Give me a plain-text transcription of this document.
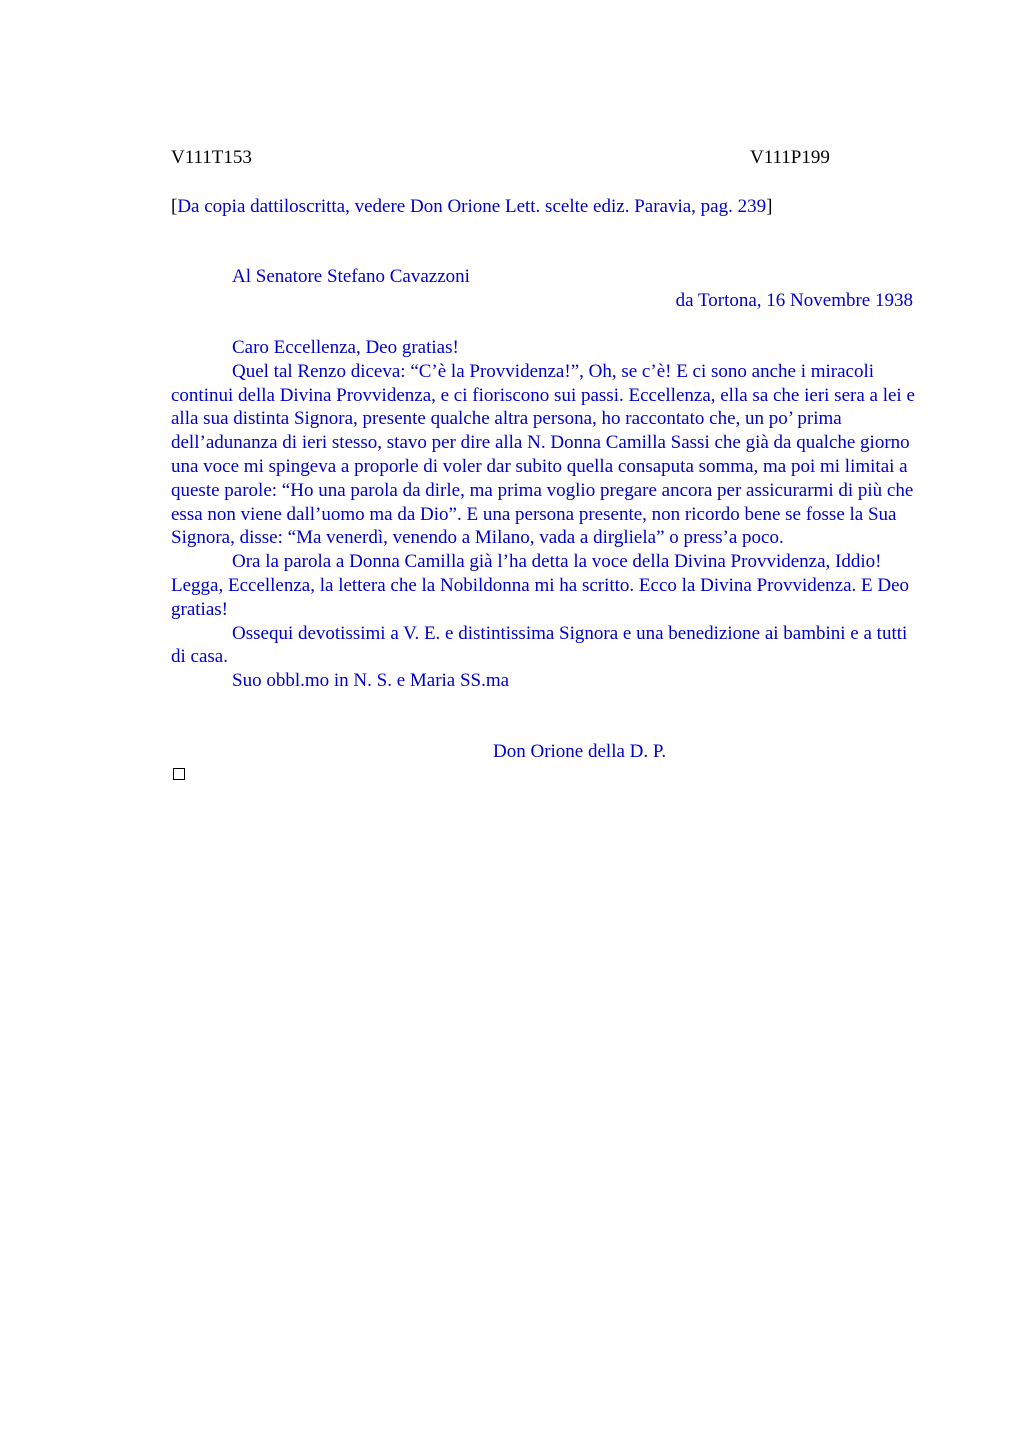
V111T153	V111P199
[Da copia dattiloscritta, vedere Don Orione Lett. scelte ediz. Paravia, pag. 239]
Al Senatore Stefano Cavazzoni
da Tortona, 16 Novembre 1938

Caro Eccellenza, Deo gratias!

Quel tal Renzo diceva: “C’è la Provvidenza!”, Oh, se c’è! E ci sono anche i miracoli continui della Divina Provvidenza, e ci fioriscono sui passi. Eccellenza, ella sa che ieri sera a lei e alla sua distinta Signora, presente qualche altra persona, ho raccontato che, un po’ prima dell’adunanza di ieri stesso, stavo per dire alla N. Donna Camilla Sassi che già da qualche giorno una voce mi spingeva a proporle di voler dar subito quella consaputa somma, ma poi mi limitai a queste parole: “Ho una parola da dirle, ma prima voglio pregare ancora per assicurarmi di più che essa non viene dall’uomo ma da Dio”. E una persona presente, non ricordo bene se fosse la Sua Signora, disse: “Ma venerdì, venendo a Milano, vada a dirgliela” o press’a poco.

Ora la parola a Donna Camilla già l’ha detta la voce della Divina Provvidenza, Iddio! Legga, Eccellenza, la lettera che la Nobildonna mi ha scritto. Ecco la Divina Provvidenza. E Deo gratias!

Ossequi devotissimi a V. E. e distintissima Signora e una benedizione ai bambini e a tutti di casa.

Suo obbl.mo in N. S. e Maria SS.ma

Don Orione della D. P.
